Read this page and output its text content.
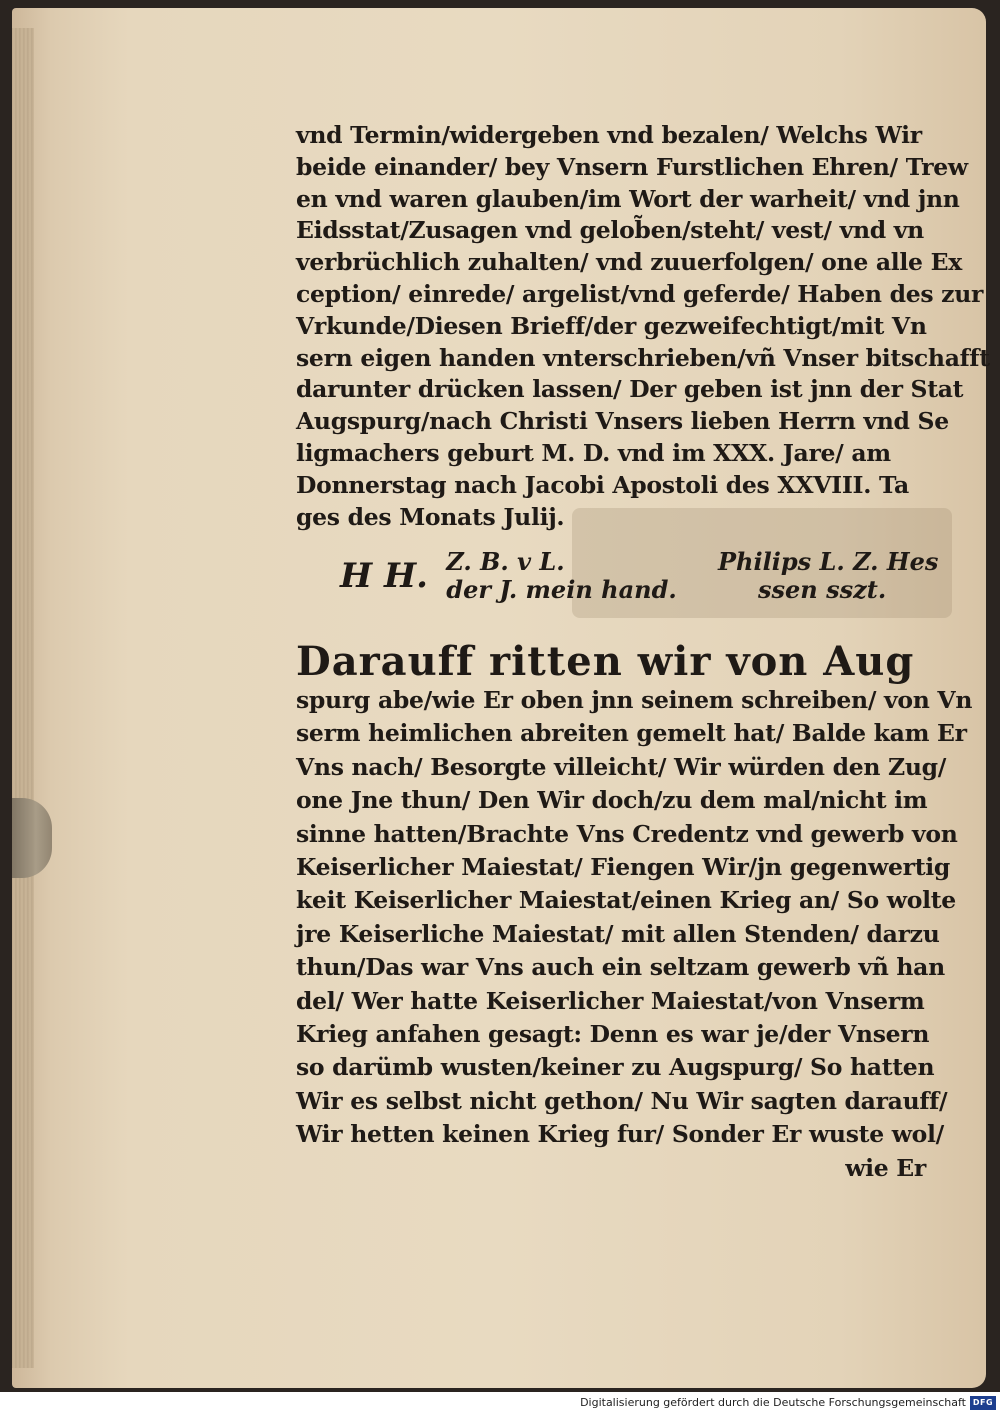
vnd Termin/widergeben vnd bezalen/ Welchs Wir
beide einander/ bey Vnsern Furstlichen Ehren/ Trew
en vnd waren glauben/im Wort der warheit/ vnd jnn
Eidsstat/Zusagen vnd gelob̃en/steht/ vest/ vnd vn
verbrüchlich zuhalten/ vnd zuuerfolgen/ one alle Ex
ception/ einrede/ argelist/vnd geferde/ Haben des zur
Vrkunde/Diesen Brieff/der gezweifechtigt/mit Vn
sern eigen handen vnterschrieben/vñ Vnser bitschafft
darunter drücken lassen/ Der geben ist jnn der Stat
Augspurg/nach Christi Vnsers lieben Herrn vnd Se
ligmachers geburt M. D. vnd im XXX. Jare/ am
Donnerstag nach Jacobi Apostoli des XXVIII. Ta
ges des Monats Julij.
H H. Z. B. v L.
der J. mein hand.
Philips L. Z. Hes
ssen sszt.
Darauff ritten wir von Aug
spurg abe/wie Er oben jnn seinem schreiben/ von Vn
serm heimlichen abreiten gemelt hat/ Balde kam Er
Vns nach/ Besorgte villeicht/ Wir würden den Zug/
one Jne thun/ Den Wir doch/zu dem mal/nicht im
sinne hatten/Brachte Vns Credentz vnd gewerb von
Keiserlicher Maiestat/ Fiengen Wir/jn gegenwertig
keit Keiserlicher Maiestat/einen Krieg an/ So wolte
jre Keiserliche Maiestat/ mit allen Stenden/ darzu
thun/Das war Vns auch ein seltzam gewerb vñ han
del/ Wer hatte Keiserlicher Maiestat/von Vnserm
Krieg anfahen gesagt: Denn es war je/der Vnsern
so darümb wusten/keiner zu Augspurg/ So hatten
Wir es selbst nicht gethon/ Nu Wir sagten darauff/
Wir hetten keinen Krieg fur/ Sonder Er wuste wol/
wie Er
Digitalisierung gefördert durch die Deutsche Forschungsgemeinschaft DFG
